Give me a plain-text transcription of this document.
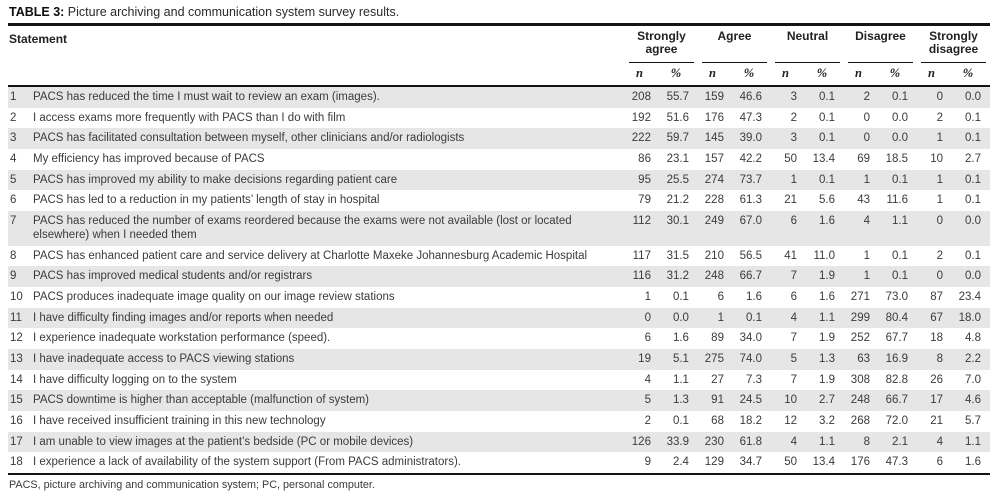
TABLE 3: Picture archiving and communication system survey results.
Statement		Strongly agree		Agree		Neutral		Disagree		Strongly disagree	
		n	%	n	%	n	%	n	%	n	%
1	PACS has reduced the time I must wait to review an exam (images).	208	55.7	159	46.6	3	0.1	2	0.1	0	0.0
2	I access exams more frequently with PACS than I do with film	192	51.6	176	47.3	2	0.1	0	0.0	2	0.1
3	PACS has facilitated consultation between myself, other clinicians and/or radiologists	222	59.7	145	39.0	3	0.1	0	0.0	1	0.1
4	My efficiency has improved because of PACS	86	23.1	157	42.2	50	13.4	69	18.5	10	2.7
5	PACS has improved my ability to make decisions regarding patient care	95	25.5	274	73.7	1	0.1	1	0.1	1	0.1
6	PACS has led to a reduction in my patients’ length of stay in hospital	79	21.2	228	61.3	21	5.6	43	11.6	1	0.1
7	PACS has reduced the number of exams reordered because the exams were not available (lost or located elsewhere) when I needed them	112	30.1	249	67.0	6	1.6	4	1.1	0	0.0
8	PACS has enhanced patient care and service delivery at Charlotte Maxeke Johannesburg Academic Hospital	117	31.5	210	56.5	41	11.0	1	0.1	2	0.1
9	PACS has improved medical students and/or registrars	116	31.2	248	66.7	7	1.9	1	0.1	0	0.0
10	PACS produces inadequate image quality on our image review stations	1	0.1	6	1.6	6	1.6	271	73.0	87	23.4
11	I have difficulty finding images and/or reports when needed	0	0.0	1	0.1	4	1.1	299	80.4	67	18.0
12	I experience inadequate workstation performance (speed).	6	1.6	89	34.0	7	1.9	252	67.7	18	4.8
13	I have inadequate access to PACS viewing stations	19	5.1	275	74.0	5	1.3	63	16.9	8	2.2
14	I have difficulty logging on to the system	4	1.1	27	7.3	7	1.9	308	82.8	26	7.0
15	PACS downtime is higher than acceptable (malfunction of system)	5	1.3	91	24.5	10	2.7	248	66.7	17	4.6
16	I have received insufficient training in this new technology	2	0.1	68	18.2	12	3.2	268	72.0	21	5.7
17	I am unable to view images at the patient’s bedside (PC or mobile devices)	126	33.9	230	61.8	4	1.1	8	2.1	4	1.1
18	I experience a lack of availability of the system support (From PACS administrators).	9	2.4	129	34.7	50	13.4	176	47.3	6	1.6
PACS, picture archiving and communication system; PC, personal computer.
